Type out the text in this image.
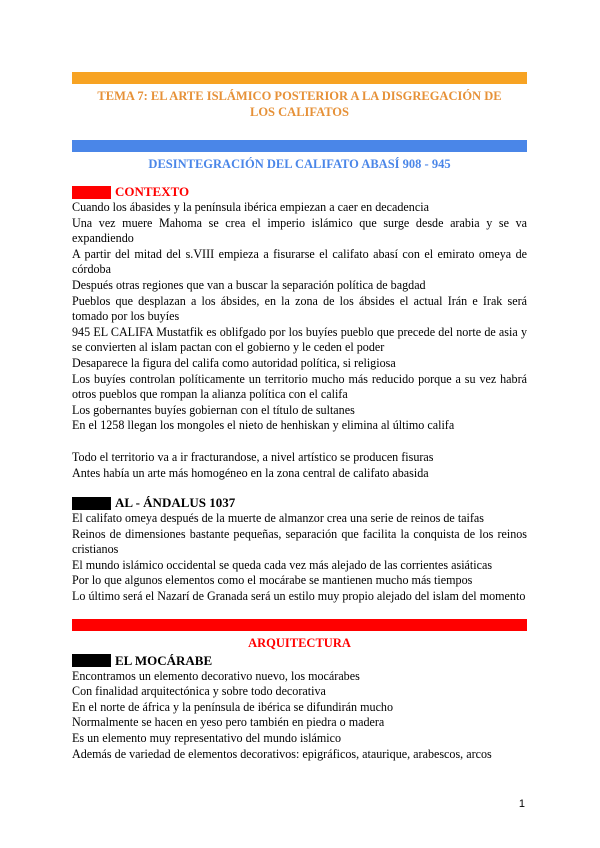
TEMA 7: EL ARTE ISLÁMICO POSTERIOR A LA DISGREGACIÓN DE LOS CALIFATOS
DESINTEGRACIÓN DEL CALIFATO ABASÍ 908 - 945
CONTEXTO

Cuando los ábasides y la península ibérica empiezan a caer en decadencia

Una vez muere Mahoma se crea el imperio islámico que surge desde arabia y se va expandiendo

A partir del mitad del s.VIII empieza a fisurarse el califato abasí con el emirato omeya de córdoba

Después otras regiones que van a buscar la separación política de bagdad

Pueblos que desplazan a los ábsides, en la zona de los ábsides el actual Irán e Irak será tomado por los buyíes

945 EL CALIFA Mustatfik es oblifgado por los buyíes pueblo que precede del norte de asia y se convierten al islam pactan con el gobierno y le ceden el poder

Desaparece la figura del califa como autoridad política, si religiosa

Los buyíes controlan políticamente un territorio mucho más reducido porque a su vez habrá otros pueblos que rompan la alianza política con el califa

Los gobernantes buyíes gobiernan con el título de sultanes

En el 1258 llegan los mongoles el nieto de henhiskan y elimina al último califa

Todo el territorio va a ir fracturandose, a nivel artístico se producen fisuras

Antes había un arte más homogéneo en la zona central de califato abasida

AL - ÁNDALUS 1037

El califato omeya después de la muerte de almanzor crea una serie de reinos de taifas

Reinos de dimensiones bastante pequeñas, separación que facilita la conquista de los reinos cristianos

El mundo islámico occidental se queda cada vez más alejado de las corrientes asiáticas

Por lo que algunos elementos como el mocárabe se mantienen mucho más tiempos

Lo último será el Nazarí de Granada será un estilo muy propio alejado del islam del momento

ARQUITECTURA
EL MOCÁRABE

Encontramos un elemento decorativo nuevo, los mocárabes

Con finalidad arquitectónica y sobre todo decorativa

En el norte de áfrica y la península de ibérica se difundirán mucho

Normalmente se hacen en yeso pero también en piedra o madera

Es un elemento muy representativo del mundo islámico

Además de variedad de elementos decorativos: epigráficos, ataurique, arabescos, arcos

1
